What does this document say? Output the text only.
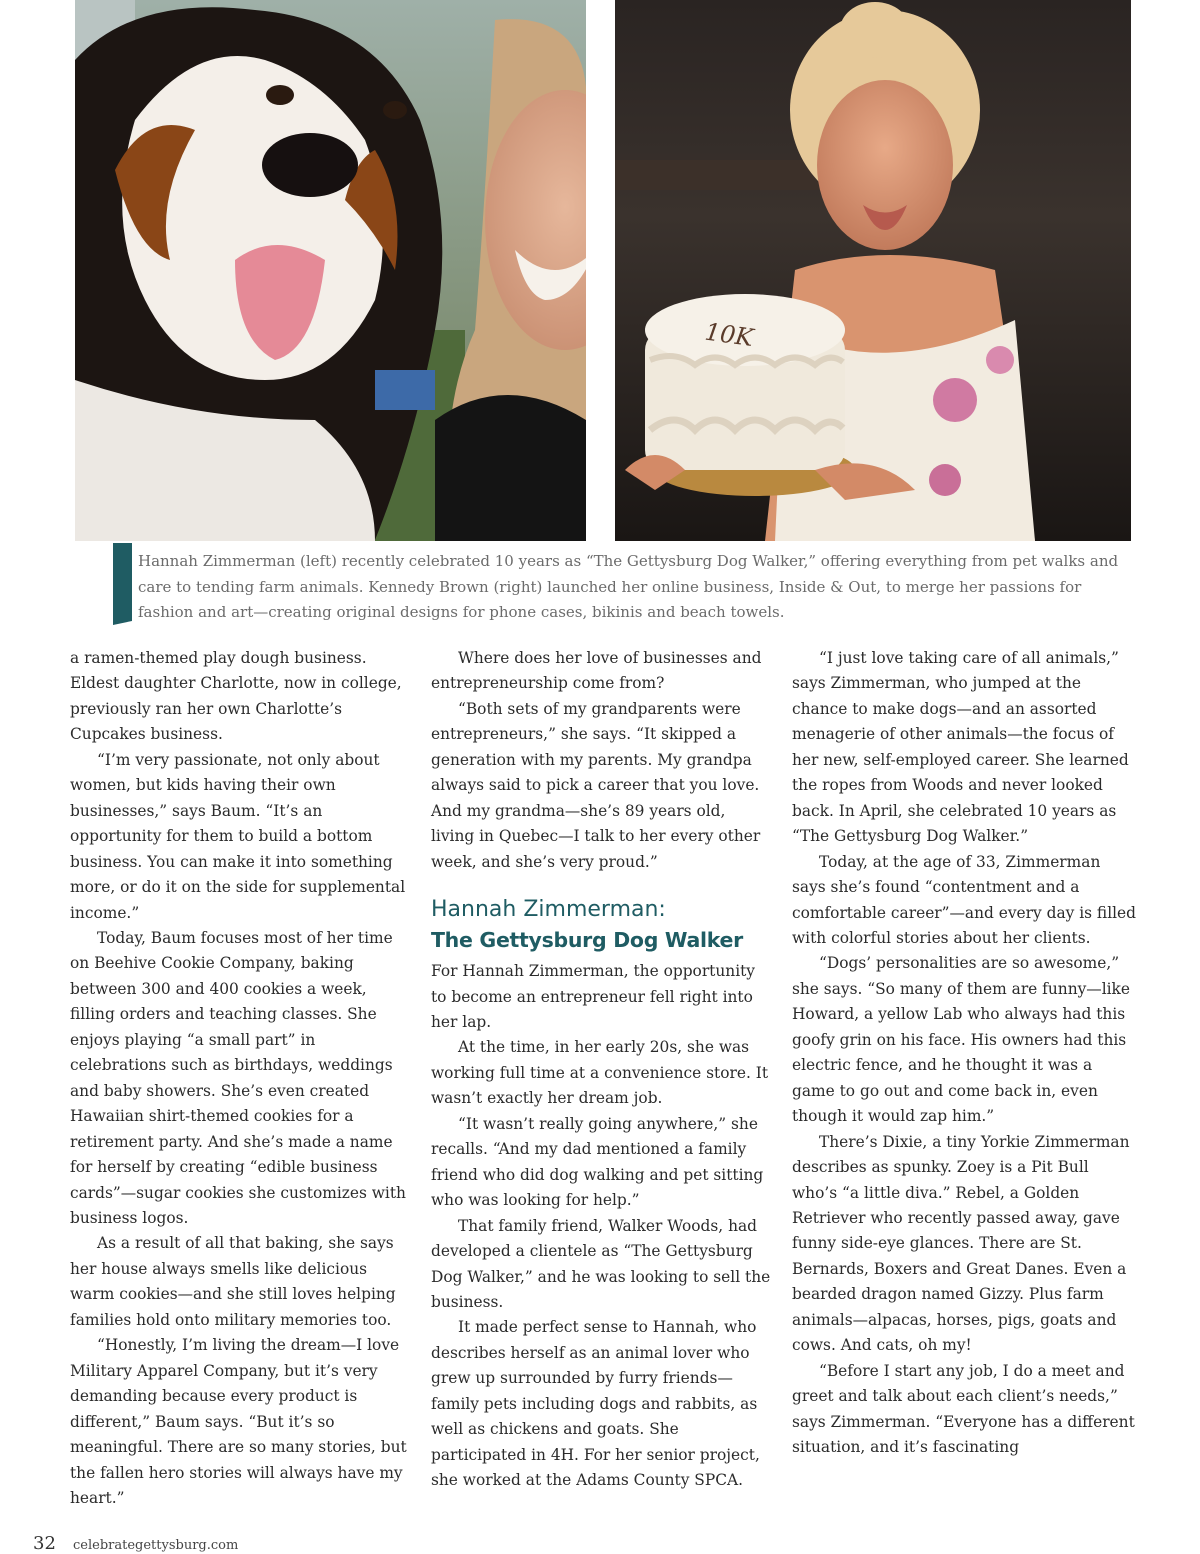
10K

Hannah Zimmerman (left) recently celebrated 10 years as “The Gettysburg Dog Walker,” offering everything from pet walks and care to tending farm animals. Kennedy Brown (right) launched her online business, Inside & Out, to merge her passions for fashion and art—creating original designs for phone cases, bikinis and beach towels.

a ramen-themed play dough business. Eldest daughter Charlotte, now in college, previously ran her own Charlotte’s Cupcakes business.

“I’m very passionate, not only about women, but kids having their own businesses,” says Baum. “It’s an opportunity for them to build a bottom business. You can make it into something more, or do it on the side for supplemental income.”

Today, Baum focuses most of her time on Beehive Cookie Company, baking between 300 and 400 cookies a week, filling orders and teaching classes. She enjoys playing “a small part” in celebrations such as birthdays, weddings and baby showers. She’s even created Hawaiian shirt-themed cookies for a retirement party. And she’s made a name for herself by creating “edible business cards”—sugar cookies she customizes with business logos.

As a result of all that baking, she says her house always smells like delicious warm cookies—and she still loves helping families hold onto military memories too.

“Honestly, I’m living the dream—I love Military Apparel Company, but it’s very demanding because every product is different,” Baum says. “But it’s so meaningful. There are so many stories, but the fallen hero stories will always have my heart.”

Where does her love of businesses and entrepreneurship come from?

“Both sets of my grandparents were entrepreneurs,” she says. “It skipped a generation with my parents. My grandpa always said to pick a career that you love. And my grandma—she’s 89 years old, living in Quebec—I talk to her every other week, and she’s very proud.”

Hannah Zimmerman:
The Gettysburg Dog Walker

For Hannah Zimmerman, the opportunity to become an entrepreneur fell right into her lap.

At the time, in her early 20s, she was working full time at a convenience store. It wasn’t exactly her dream job.

“It wasn’t really going anywhere,” she recalls. “And my dad mentioned a family friend who did dog walking and pet sitting who was looking for help.”

That family friend, Walker Woods, had developed a clientele as “The Gettysburg Dog Walker,” and he was looking to sell the business.

It made perfect sense to Hannah, who describes herself as an animal lover who grew up surrounded by furry friends—family pets including dogs and rabbits, as well as chickens and goats. She participated in 4H. For her senior project, she worked at the Adams County SPCA.

“I just love taking care of all animals,” says Zimmerman, who jumped at the chance to make dogs—and an assorted menagerie of other animals—the focus of her new, self-employed career. She learned the ropes from Woods and never looked back. In April, she celebrated 10 years as “The Gettysburg Dog Walker.”

Today, at the age of 33, Zimmerman says she’s found “contentment and a comfortable career”—and every day is filled with colorful stories about her clients.

“Dogs’ personalities are so awesome,” she says. “So many of them are funny—like Howard, a yellow Lab who always had this goofy grin on his face. His owners had this electric fence, and he thought it was a game to go out and come back in, even though it would zap him.”

There’s Dixie, a tiny Yorkie Zimmerman describes as spunky. Zoey is a Pit Bull who’s “a little diva.” Rebel, a Golden Retriever who recently passed away, gave funny side-eye glances. There are St. Bernards, Boxers and Great Danes. Even a bearded dragon named Gizzy. Plus farm animals—alpacas, horses, pigs, goats and cows. And cats, oh my!

“Before I start any job, I do a meet and greet and talk about each client’s needs,” says Zimmerman. “Everyone has a different situation, and it’s fascinating

32 celebrategettysburg.com
